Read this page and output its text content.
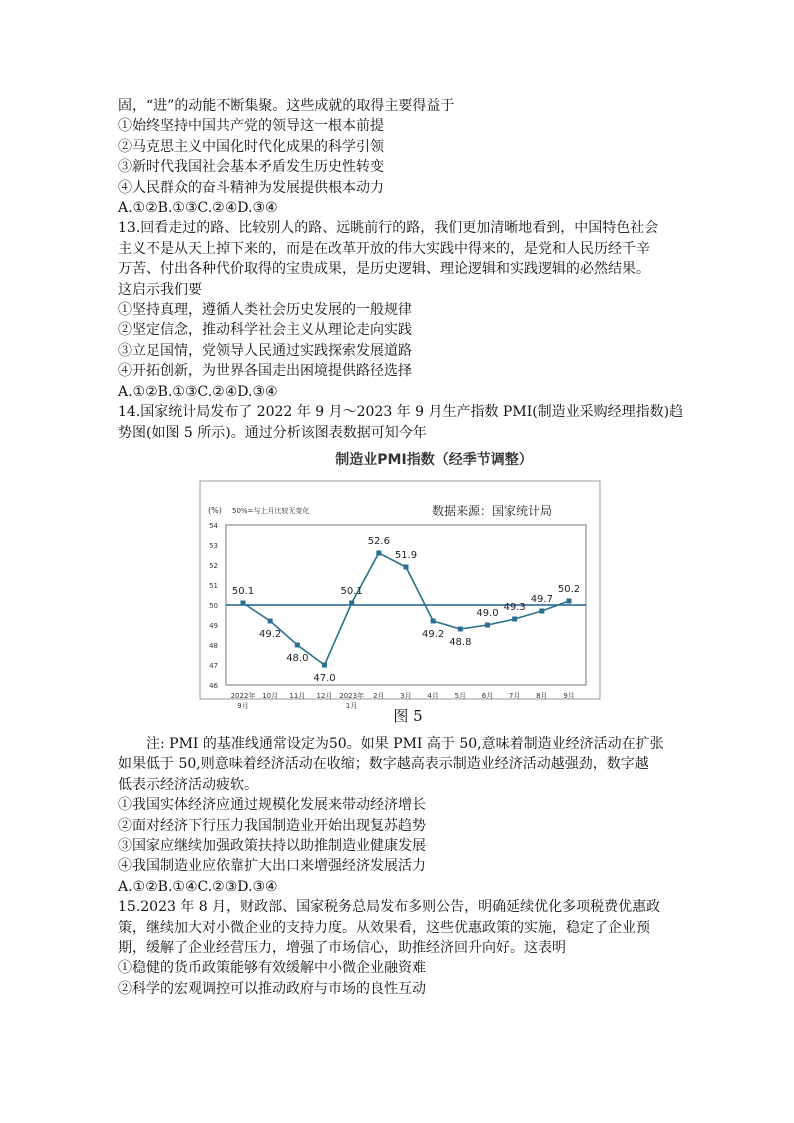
固，“进”的动能不断集聚。这些成就的取得主要得益于
①始终坚持中国共产党的领导这一根本前提
②马克思主义中国化时代化成果的科学引领
③新时代我国社会基本矛盾发生历史性转变
④人民群众的奋斗精神为发展提供根本动力
A.①②B.①③C.②④D.③④
13.回看走过的路、比较别人的路、远眺前行的路，我们更加清晰地看到，中国特色社会
主义不是从天上掉下来的，而是在改革开放的伟大实践中得来的，是党和人民历经千辛
万苦、付出各种代价取得的宝贵成果，是历史逻辑、理论逻辑和实践逻辑的必然结果。
这启示我们要
①坚持真理，遵循人类社会历史发展的一般规律
②坚定信念，推动科学社会主义从理论走向实践
③立足国情，党领导人民通过实践探索发展道路
④开拓创新，为世界各国走出困境提供路径选择
A.①②B.①③C.②④D.③④
14.国家统计局发布了 2022 年 9 月～2023 年 9 月生产指数 PMI(制造业采购经理指数)趋
势图(如图 5 所示)。通过分析该图表数据可知今年
制造业PMI指数（经季节调整）
(%) 50%=与上月比较无变化	数据来源：国家统计局
46
47
48
49
50
51
52
53
54
50.1
49.2
48.0
47.0
50.1
52.6
51.9
49.2
48.8
49.0
49.3
49.7
50.2
2022年
9月
10月 11月 12月 2023年
1月
2月 3月 4月 5月 6月 7月 8月 9月
图 5
注: PMI 的基准线通常设定为50。如果 PMI 高于 50,意味着制造业经济活动在扩张
如果低于 50,则意味着经济活动在收缩；数字越高表示制造业经济活动越强劲，数字越
低表示经济活动疲软。
①我国实体经济应通过规模化发展来带动经济增长
②面对经济下行压力我国制造业开始出现复苏趋势
③国家应继续加强政策扶持以助推制造业健康发展
④我国制造业应依靠扩大出口来增强经济发展活力
A.①②B.①④C.②③D.③④
15.2023 年 8 月，财政部、国家税务总局发布多则公告，明确延续优化多项税费优惠政
策，继续加大对小微企业的支持力度。从效果看，这些优惠政策的实施，稳定了企业预
期，缓解了企业经营压力，增强了市场信心，助推经济回升向好。这表明
①稳健的货币政策能够有效缓解中小微企业融资难
②科学的宏观调控可以推动政府与市场的良性互动
